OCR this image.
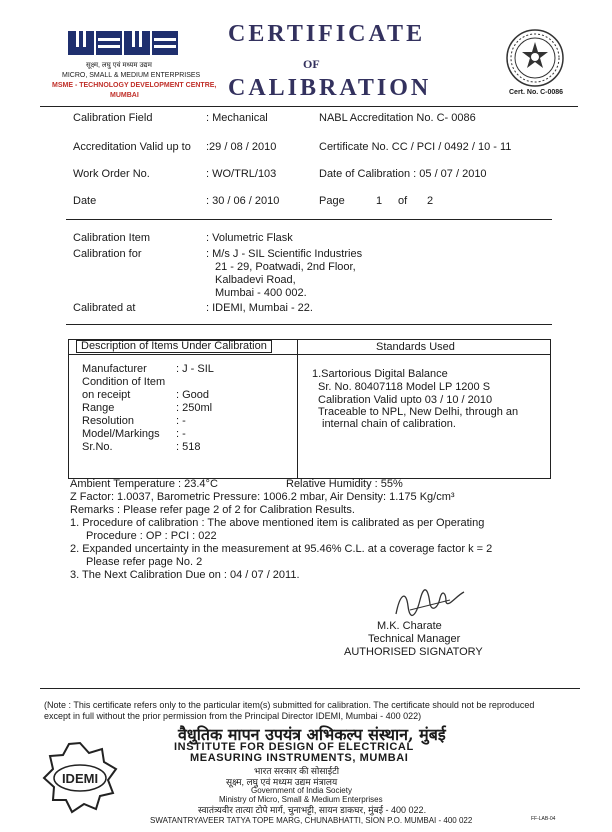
सूक्ष्म, लघु एवं मध्यम उद्यम
MICRO, SMALL & MEDIUM ENTERPRISES
MSME - TECHNOLOGY DEVELOPMENT CENTRE,
MUMBAI
CERTIFICATE
OF
CALIBRATION	Cert. No. C-0086
Calibration Field	: Mechanical	NABL Accreditation No. C- 0086
Accreditation Valid up to :29 / 08 / 2010	Certificate No. CC / PCI / 0492 / 10 - 11
Work Order No.	: WO/TRL/103	Date of Calibration : 05 / 07 / 2010
Date	: 30 / 06 / 2010	Page	1 of 2
Calibration Item	: Volumetric Flask
Calibration for	: M/s J - SIL Scientific Industries
21 - 29, Poatwadi, 2nd Floor,
Kalbadevi Road,
Mumbai - 400 002.
Calibrated at	: IDEMI, Mumbai - 22.
Description of Items Under Calibration	Standards Used
Manufacturer	: J - SIL
Condition of Item
on receipt	: Good
Range	: 250ml
Resolution	: -
Model/Markings : -
Sr.No.	: 518
1.Sartorious Digital Balance
Sr. No. 80407118 Model LP 1200 S
Calibration Valid upto 03 / 10 / 2010
Traceable to NPL, New Delhi, through an
internal chain of calibration.
Ambient Temperature : 23.4°C	Relative Humidity : 55%
Z Factor: 1.0037, Barometric Pressure: 1006.2 mbar, Air Density: 1.175 Kg/cm³
Remarks : Please refer page 2 of 2 for Calibration Results.
1. Procedure of calibration : The above mentioned item is calibrated as per Operating
Procedure : OP : PCI : 022
2. Expanded uncertainty in the measurement at 95.46% C.L. at a coverage factor k = 2
Please refer page No. 2
3. The Next Calibration Due on : 04 / 07 / 2011.
M.K. Charate
Technical Manager
AUTHORISED SIGNATORY
(Note : This certificate refers only to the particular item(s) submitted for calibration. The certificate should not be reproduced
except in full without the prior permission from the Principal Director IDEMI, Mumbai - 400 022)
IDEMI
वैधुतिक मापन उपयंत्र अभिकल्प संस्थान, मुंबई
INSTITUTE FOR DESIGN OF ELECTRICAL
MEASURING INSTRUMENTS, MUMBAI
भारत सरकार की सोसाईटी
सूक्ष्म, लघु एवं मध्यम उद्यम मंत्रालय
Government of India Society
Ministry of Micro, Small & Medium Enterprises
स्वातंत्र्यवीर तात्या टोपे मार्ग, चुनाभट्टी, सायन डाकघर, मुंबई - 400 022.
SWATANTRYAVEER TATYA TOPE MARG, CHUNABHATTI, SION P.O. MUMBAI - 400 022	FF-LAB-04
